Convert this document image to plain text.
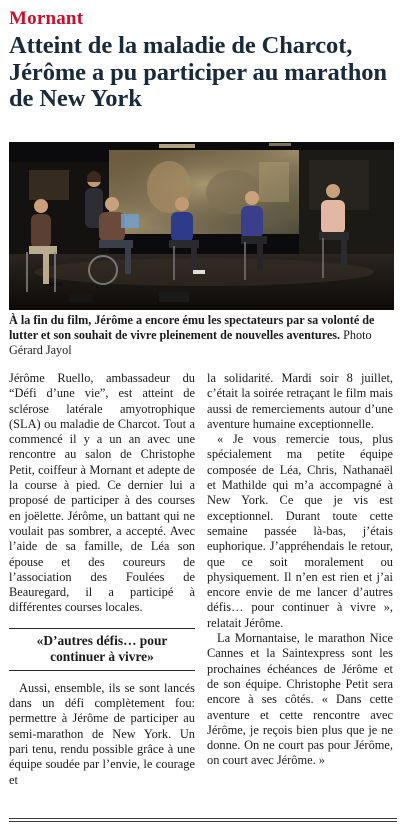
Mornant
Atteint de la maladie de Charcot, Jérôme a pu participer au marathon de New York

À la fin du film, Jérôme a encore ému les spectateurs par sa volonté de lutter et son souhait de vivre pleinement de nouvelles aventures. Photo Gérard Jayol

Jérôme Ruello, ambassadeur du “Défi d’une vie”, est atteint de sclérose latérale amyotrophique (SLA) ou maladie de Charcot. Tout a commencé il y a un an avec une rencontre au salon de Christophe Petit, coiffeur à Mornant et adepte de la course à pied. Ce dernier lui a proposé de participer à des courses en joëlette. Jérôme, un battant qui ne voulait pas sombrer, a accepté. Avec l’aide de sa famille, de Léa son épouse et des coureurs de l’association des Foulées de Beauregard, il a participé à différentes courses locales.

«D’autres défis… pour continuer à vivre»

Aussi, ensemble, ils se sont lancés dans un défi complètement fou: permettre à Jérôme de participer au semi-marathon de New York. Un pari tenu, rendu possible grâce à une équipe soudée par l’envie, le courage et

la solidarité. Mardi soir 8 juillet, c’était la soirée retraçant le film mais aussi de remerciements autour d’une aventure humaine exceptionnelle.

« Je vous remercie tous, plus spécialement ma petite équipe composée de Léa, Chris, Nathanaël et Mathilde qui m’a accompagné à New York. Ce que je vis est exceptionnel. Durant toute cette semaine passée là-bas, j’étais euphorique. J’appréhendais le retour, que ce soit moralement ou physiquement. Il n’en est rien et j’ai encore envie de me lancer d’autres défis… pour continuer à vivre », relatait Jérôme.

La Mornantaise, le marathon Nice Cannes et la Saintexpress sont les prochaines échéances de Jérôme et de son équipe. Christophe Petit sera encore à ses côtés. « Dans cette aventure et cette rencontre avec Jérôme, je reçois bien plus que je ne donne. On ne court pas pour Jérôme, on court avec Jérôme. »
